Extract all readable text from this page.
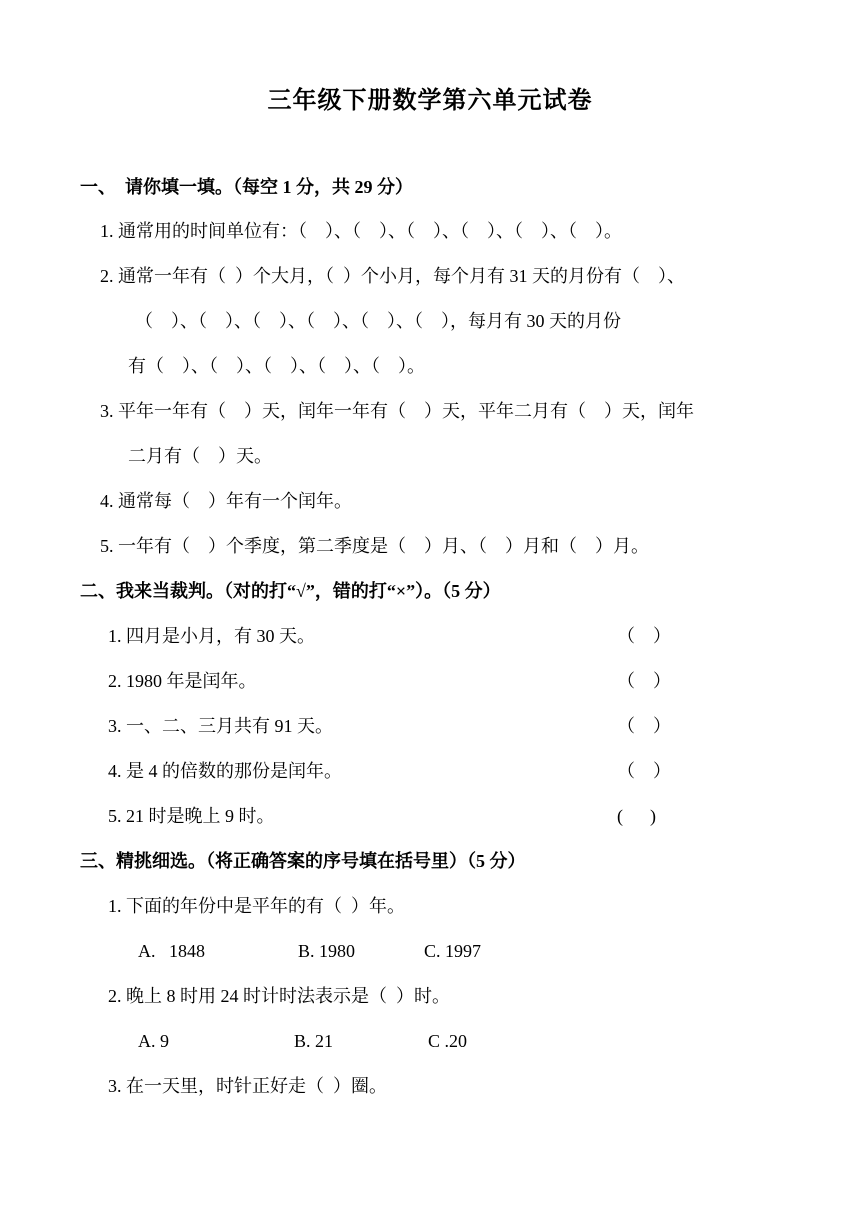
三年级下册数学第六单元试卷
一、  请你填一填。（每空 1 分，共 29 分）
1. 通常用的时间单位有：（    ）、（    ）、（    ）、（    ）、（    ）、（    ）。
2. 通常一年有（  ）个大月，（  ）个小月，每个月有 31 天的月份有（    ）、
（    ）、（    ）、（    ）、（    ）、（    ）、（    ），每月有 30 天的月份
有（    ）、（    ）、（    ）、（    ）、（    ）。
3. 平年一年有（    ）天，闰年一年有（    ）天，平年二月有（    ）天，闰年
二月有（    ）天。
4. 通常每（    ）年有一个闰年。
5. 一年有（    ）个季度，第二季度是（    ）月、（    ）月和（    ）月。
二、我来当裁判。（对的打“√”，错的打“×”）。（5 分）
1. 四月是小月，有 30 天。	（    ）
2. 1980 年是闰年。	（    ）
3. 一、二、三月共有 91 天。	（    ）
4. 是 4 的倍数的那份是闰年。	（    ）
5. 21 时是晚上 9 时。	(      )
三、精挑细选。（将正确答案的序号填在括号里）（5 分）
1. 下面的年份中是平年的有（  ）年。
A.   1848	B. 1980	C. 1997
2. 晚上 8 时用 24 时计时法表示是（  ）时。
A. 9	B. 21	C .20
3. 在一天里，时针正好走（  ）圈。
